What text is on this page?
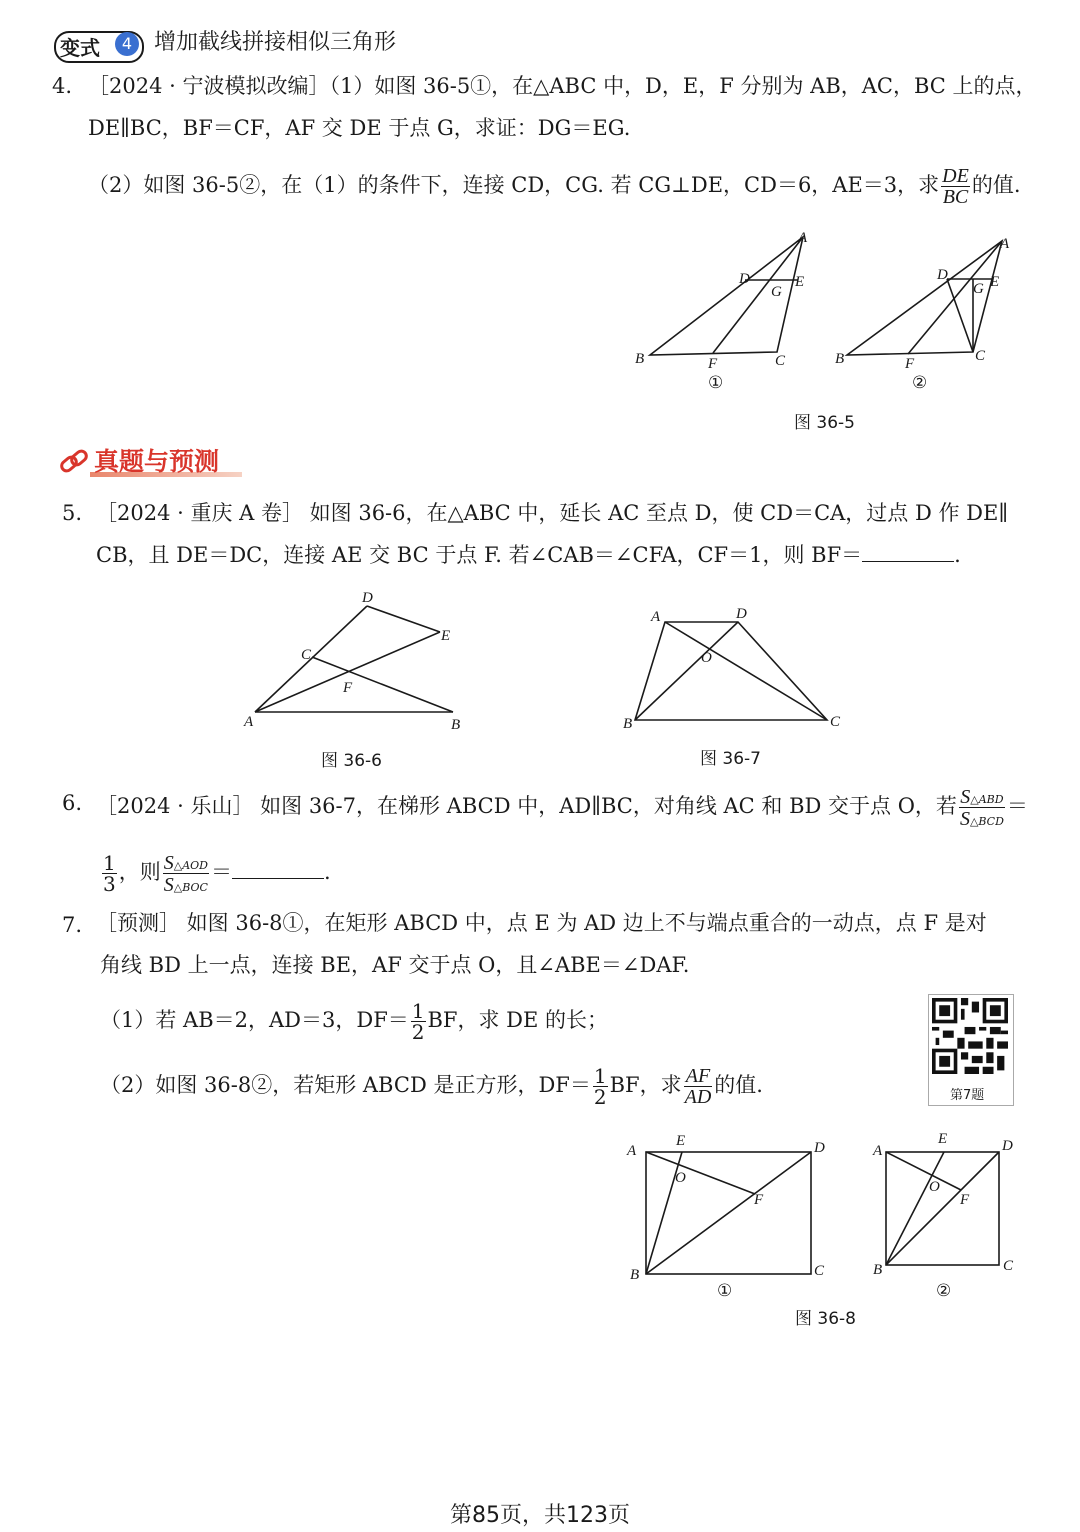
变式	4 增加截线拼接相似三角形
4. ［2024 · 宁波模拟改编］（1）如图 36-5①，在△ABC 中，D，E，F 分别为 AB，AC，BC 上的点，
DE∥BC，BF＝CF，AF 交 DE 于点 G，求证：DG＝EG.
（2）如图 36-5②，在（1）的条件下，连接 CD，CG. 若 CG⊥DE，CD＝6，AE＝3，求 $\frac{DE}{BC}$ 的值.
B
A
D	E
G
F	C	B
A
D	E
G
F	C
①	②
图 36-5
真题与预测
5. ［2024 · 重庆 A 卷］ 如图 36-6，在△ABC 中，延长 AC 至点 D，使 CD＝CA，过点 D 作 DE∥
CB，且 DE＝DC，连接 AE 交 BC 于点 F. 若∠CAB＝∠CFA，CF＝1，则 BF＝	.
A
D
E
C
F
B
图 36-6
A	D
O
B	C
图 36-7
6. ［2024 · 乐山］ 如图 36-7，在梯形 ABCD 中，AD∥BC，对角线 AC 和 BD 交于点 O，若 $\frac{\text{S△ABD}}{\text{S△BCD}}$ ＝
$\frac{1}{3}$ ，则 $\frac{\text{S△AOD}}{\text{S△BOC}}$ ＝	.
7. ［预测］ 如图 36-8①，在矩形 ABCD 中，点 E 为 AD 边上不与端点重合的一动点，点 F 是对
角线 BD 上一点，连接 BE，AF 交于点 O，且∠ABE＝∠DAF.
（1）若 AB＝2，AD＝3，$DF= \frac{1}{2}$ BF，求 DE 的长；
（2）如图 36-8②，若矩形 ABCD 是正方形，$DF= \frac{1}{2}$ BF，求 $\frac{AF}{AD}$ 的值.	第7题
A
E	D
O
F
B	C
A
E	D
O
F
B	C
①	②
图 36-8
第85页，共123页
